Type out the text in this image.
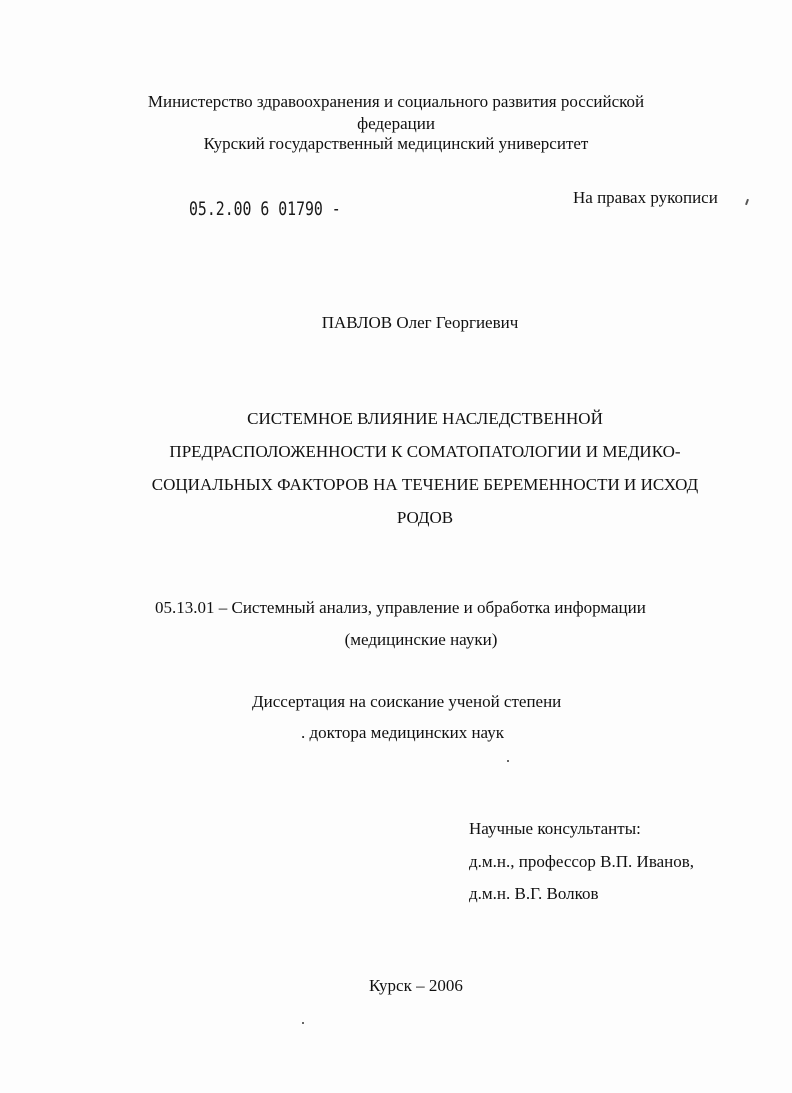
Министерство здравоохранения и социального развития российской
федерации
Курский государственный медицинский университет
05.2.00 6 01790 -
На правах рукописи
ПАВЛОВ Олег Георгиевич
СИСТЕМНОЕ ВЛИЯНИЕ НАСЛЕДСТВЕННОЙ
ПРЕДРАСПОЛОЖЕННОСТИ К СОМАТОПАТОЛОГИИ И МЕДИКО-
СОЦИАЛЬНЫХ ФАКТОРОВ НА ТЕЧЕНИЕ БЕРЕМЕННОСТИ И ИСХОД
РОДОВ
05.13.01 – Системный анализ, управление и обработка информации
(медицинские науки)
Диссертация на соискание ученой степени
. доктора медицинских наук
Научные консультанты:
д.м.н., профессор В.П. Иванов,
д.м.н. В.Г. Волков
Курск – 2006
